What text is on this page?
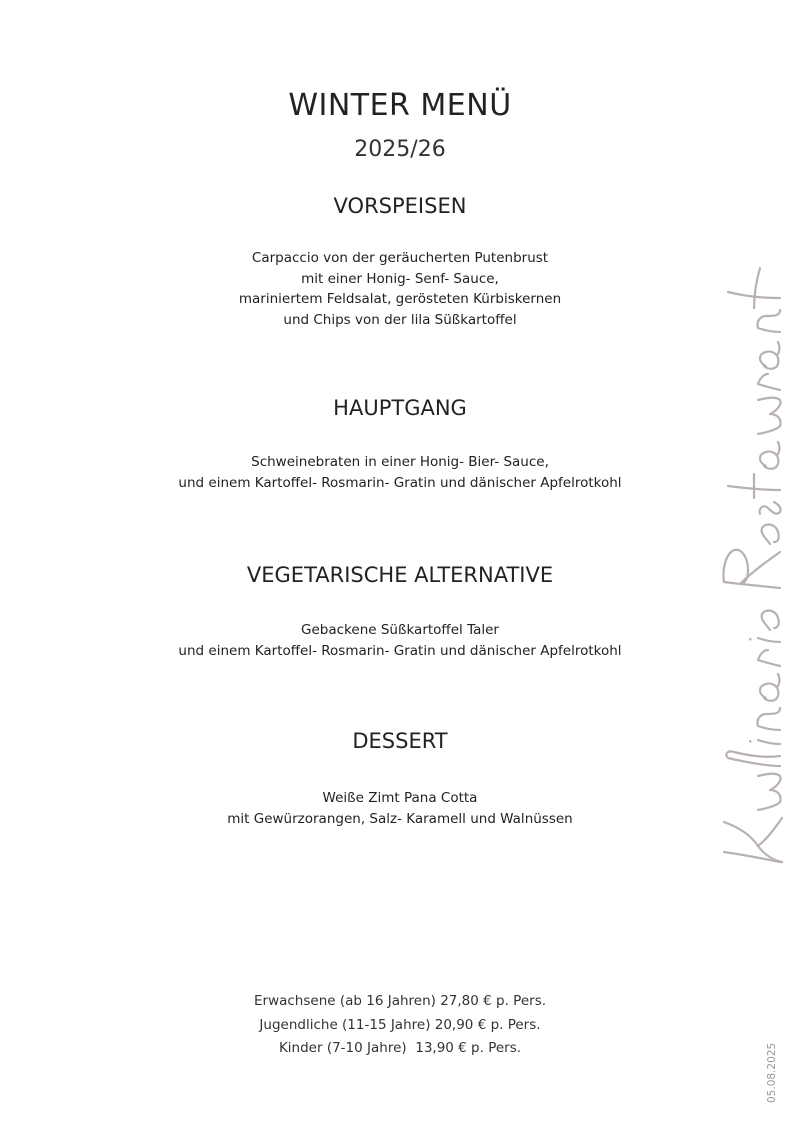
WINTER MENÜ
2025/26
VORSPEISEN
Carpaccio von der geräucherten Putenbrust
mit einer Honig- Senf- Sauce,
mariniertem Feldsalat, gerösteten Kürbiskernen
und Chips von der lila Süßkartoffel
HAUPTGANG
Schweinebraten in einer Honig- Bier- Sauce,
und einem Kartoffel- Rosmarin- Gratin und dänischer Apfelrotkohl
VEGETARISCHE ALTERNATIVE
Gebackene Süßkartoffel Taler
und einem Kartoffel- Rosmarin- Gratin und dänischer Apfelrotkohl
DESSERT
Weiße Zimt Pana Cotta
mit Gewürzorangen, Salz- Karamell und Walnüssen
Erwachsene (ab 16 Jahren) 27,80 € p. Pers.
Jugendliche (11-15 Jahre) 20,90 € p. Pers.
Kinder (7-10 Jahre)  13,90 € p. Pers.	05.08.2025
